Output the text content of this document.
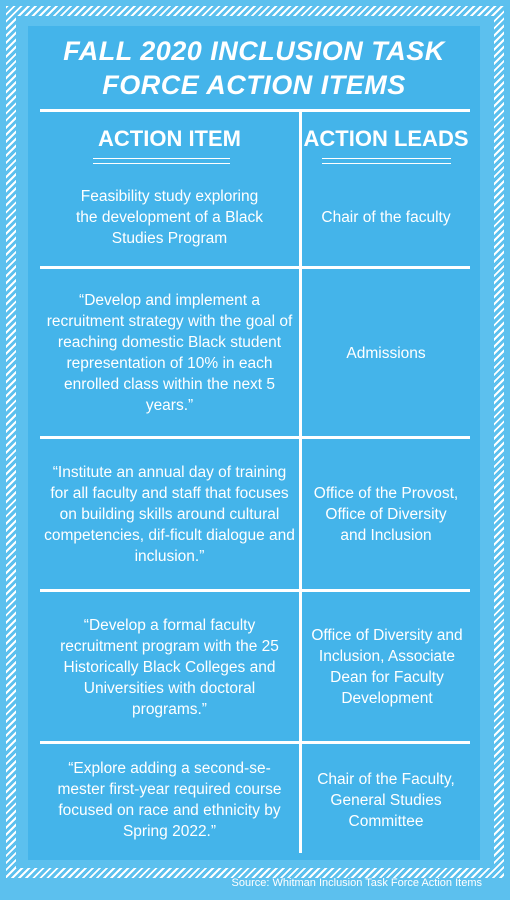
FALL 2020 INCLUSION TASK
FORCE ACTION ITEMS
ACTION ITEM	ACTION LEADS
Feasibility study exploring the development of a Black Studies Program
Chair of the faculty
“Develop and implement a recruitment strategy with the goal of reaching domestic Black student representation of 10% in each enrolled class within the next 5 years.”
Admissions
“Institute an annual day of training for all faculty and staff that focuses on building skills around cultural competencies, dif-ficult dialogue and inclusion.”
Office of the Provost, Office of Diversity and Inclusion
“Develop a formal faculty recruitment program with the 25 Historically Black Colleges and Universities with doctoral programs.”
Office of Diversity and Inclusion, Associate Dean for Faculty Development
“Explore adding a second-se-mester first-year required course focused on race and ethnicity by Spring 2022.”
Chair of the Faculty, General Studies Committee
Source: Whitman Inclusion Task Force Action Items
